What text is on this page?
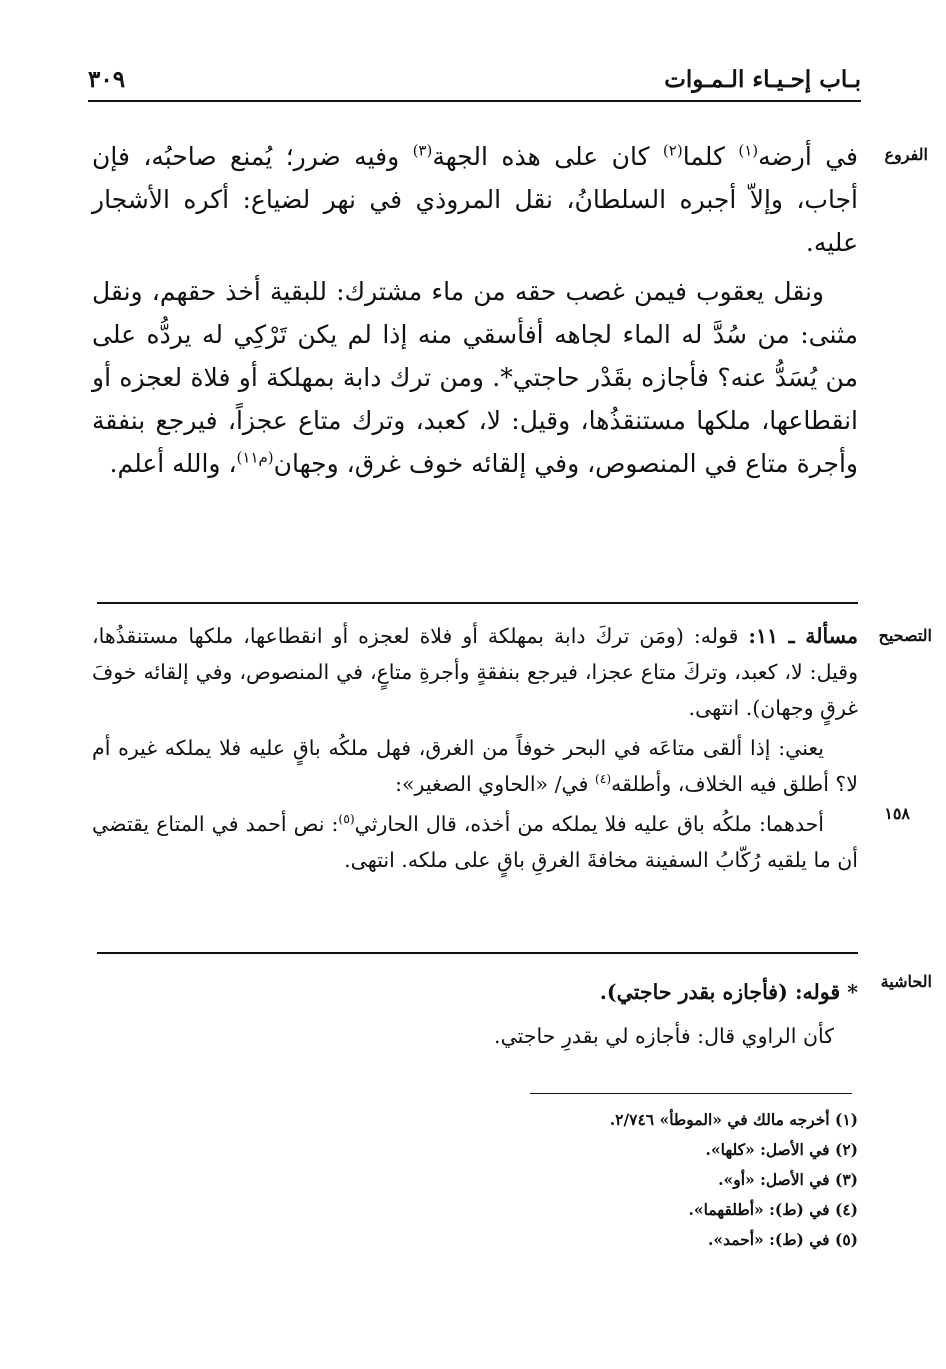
بـاب إحـيـاء الـمـوات
٣٠٩
الفروع
التصحيح
١٥٨
الحاشية

في أرضه$^{(١)}$ كلما$^{(٢)}$ كان على هذه الجهة$^{(٣)}$ وفيه ضرر؛ يُمنع صاحبُه، فإن أجاب، وإلاّ أجبره السلطانُ، نقل المروذي في نهر لضياع: أكره الأشجار عليه.

ونقل يعقوب فيمن غصب حقه من ماء مشترك: للبقية أخذ حقهم، ونقل مثنى: من سُدَّ له الماء لجاهه أفأسقي منه إذا لم يكن تَرْكِي له يردُّه على من يُسَدُّ عنه؟ فأجازه بقَدْر حاجتي*. ومن ترك دابة بمهلكة أو فلاة لعجزه أو انقطاعها، ملكها مستنقذُها، وقيل: لا، كعبد، وترك متاع عجزاً، فيرجع بنفقة وأجرة متاع في المنصوص، وفي إلقائه خوف غرق، وجهان$^{(م١١)}$، والله أعلم.

مسألة ـ ١١: قوله: (ومَن تركَ دابة بمهلكة أو فلاة لعجزه أو انقطاعها، ملكها مستنقذُها، وقيل: لا، كعبد، وتركَ متاع عجزا، فيرجع بنفقةٍ وأجرةِ متاعٍ، في المنصوص، وفي إلقائه خوفَ غرقٍ وجهان). انتهى.

يعني: إذا ألقى متاعَه في البحر خوفاً من الغرق، فهل ملكُه باقٍ عليه فلا يملكه غيره أم لا؟ أطلق فيه الخلاف، وأطلقه$^{(٤)}$ في/ «الحاوي الصغير»:

أحدهما: ملكُه باق عليه فلا يملكه من أخذه، قال الحارثي$^{(٥)}$: نص أحمد في المتاع يقتضي أن ما يلقيه رُكّابُ السفينة مخافةَ الغرقِ باقٍ على ملكه. انتهى.

* قوله: (فأجازه بقدر حاجتي).

كأن الراوي قال: فأجازه لي بقدرِ حاجتي.

(١) أخرجه مالك في «الموطأ» ٢/٧٤٦.
(٢) في الأصل: «كلها».
(٣) في الأصل: «أو».
(٤) في (ط): «أطلقهما».
(٥) في (ط): «أحمد».
